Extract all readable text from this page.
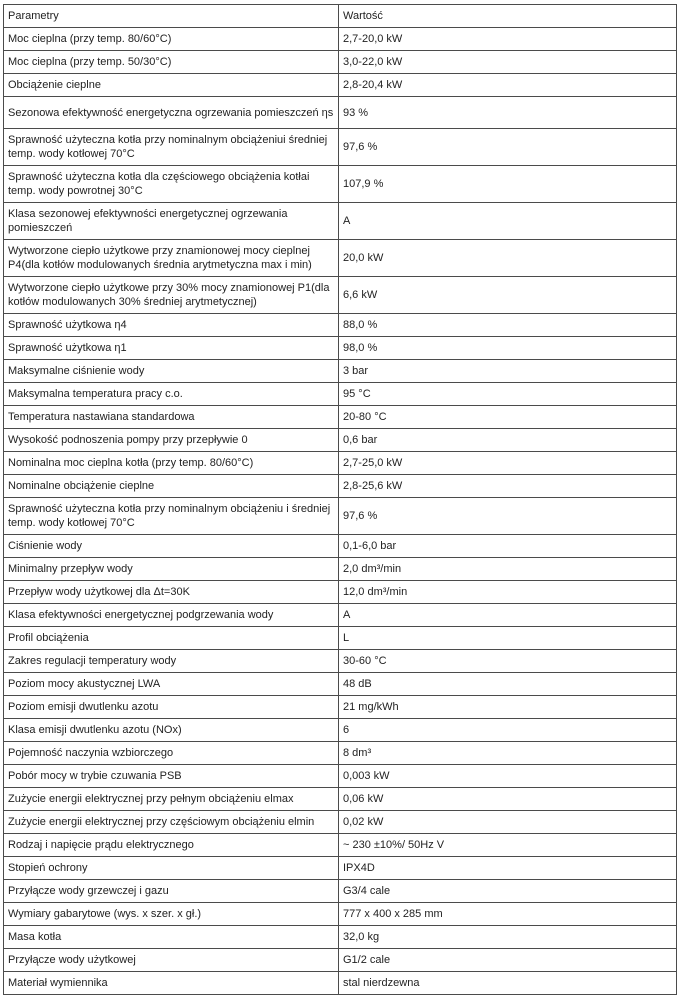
Parametry	Wartość
Moc cieplna (przy temp. 80/60°C)	2,7-20,0 kW
Moc cieplna (przy temp. 50/30°C)	3,0-22,0 kW
Obciążenie cieplne	2,8-20,4 kW
Sezonowa efektywność energetyczna ogrzewania pomieszczeń ηs	93 %
Sprawność użyteczna kotła przy nominalnym obciążeniui średniej temp. wody kotłowej 70°C	97,6 %
Sprawność użyteczna kotła dla częściowego obciążenia kotłai temp. wody powrotnej 30°C	107,9 %
Klasa sezonowej efektywności energetycznej ogrzewania pomieszczeń	A
Wytworzone ciepło użytkowe przy znamionowej mocy cieplnej P4(dla kotłów modulowanych średnia arytmetyczna max i min)	20,0 kW
Wytworzone ciepło użytkowe przy 30% mocy znamionowej P1(dla kotłów modulowanych 30% średniej arytmetycznej)	6,6 kW
Sprawność użytkowa η4	88,0 %
Sprawność użytkowa η1	98,0 %
Maksymalne ciśnienie wody	3 bar
Maksymalna temperatura pracy c.o.	95 °C
Temperatura nastawiana standardowa	20-80 °C
Wysokość podnoszenia pompy przy przepływie 0	0,6 bar
Nominalna moc cieplna kotła (przy temp. 80/60°C)	2,7-25,0 kW
Nominalne obciążenie cieplne	2,8-25,6 kW
Sprawność użyteczna kotła przy nominalnym obciążeniu i średniej temp. wody kotłowej 70°C	97,6 %
Ciśnienie wody	0,1-6,0 bar
Minimalny przepływ wody	2,0 dm³/min
Przepływ wody użytkowej dla Δt=30K	12,0 dm³/min
Klasa efektywności energetycznej podgrzewania wody	A
Profil obciążenia	L
Zakres regulacji temperatury wody	30-60 °C
Poziom mocy akustycznej LWA	48 dB
Poziom emisji dwutlenku azotu	21 mg/kWh
Klasa emisji dwutlenku azotu (NOx)	6
Pojemność naczynia wzbiorczego	8 dm³
Pobór mocy w trybie czuwania PSB	0,003 kW
Zużycie energii elektrycznej przy pełnym obciążeniu elmax	0,06 kW
Zużycie energii elektrycznej przy częściowym obciążeniu elmin	0,02 kW
Rodzaj i napięcie prądu elektrycznego	~ 230 ±10%/ 50Hz V
Stopień ochrony	IPX4D
Przyłącze wody grzewczej i gazu	G3/4 cale
Wymiary gabarytowe (wys. x szer. x gł.)	777 x 400 x 285 mm
Masa kotła	32,0 kg
Przyłącze wody użytkowej	G1/2 cale
Materiał wymiennika	stal nierdzewna
